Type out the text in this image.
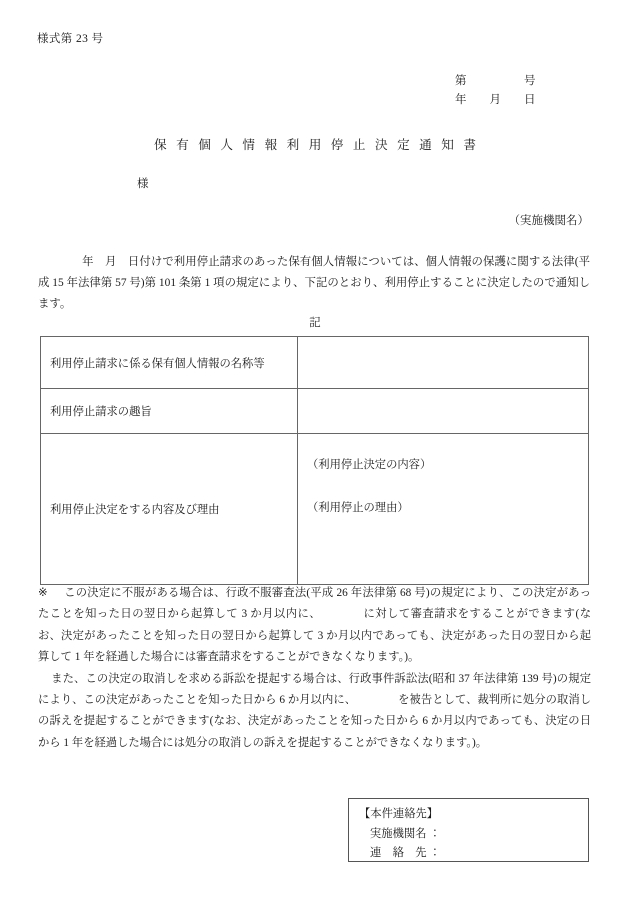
様式第 23 号
第　　　　　号
年　　月　　日
保有個人情報利用停止決定通知書
様
（実施機関名）
年　月　日付けで利用停止請求のあった保有個人情報については、個人情報の保護に関する法律(平成 15 年法律第 57 号)第 101 条第 1 項の規定により、下記のとおり、利用停止することに決定したので通知します。
記
利用停止請求に係る保有個人情報の名称等	
利用停止請求の趣旨	
利用停止決定をする内容及び理由	（利用停止決定の内容）
（利用停止の理由）

※ この決定に不服がある場合は、行政不服審査法(平成 26 年法律第 68 号)の規定により、この決定があったことを知った日の翌日から起算して 3 か月以内に、	に対して審査請求をすることができます(なお、決定があったことを知った日の翌日から起算して 3 か月以内であっても、決定があった日の翌日から起算して 1 年を経過した場合には審査請求をすることができなくなります。)。

また、この決定の取消しを求める訴訟を提起する場合は、行政事件訴訟法(昭和 37 年法律第 139 号)の規定により、この決定があったことを知った日から 6 か月以内に、	を被告として、裁判所に処分の取消しの訴えを提起することができます(なお、決定があったことを知った日から 6 か月以内であっても、決定の日から 1 年を経過した場合には処分の取消しの訴えを提起することができなくなります。)。

【本件連絡先】
実施機関名 ：
連　絡　先 ：
